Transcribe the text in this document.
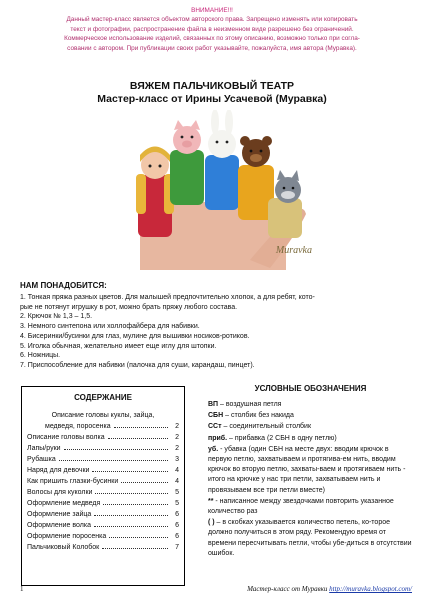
ВНИМАНИЕ!!!
Данный мастер-класс является объектом авторского права. Запрещено изменять или копировать
текст и фотографии, распространение файла в неизменном виде разрешено без ограничений.
Коммерческое использование изделий, связанных по этому описанию, возможно только при согла-
совании с автором. При публикации своих работ указывайте, пожалуйста, имя автора (Муравка).
ВЯЖЕМ ПАЛЬЧИКОВЫЙ ТЕАТР
Мастер-класс от Ирины Усачевой (Муравка)
Muravka
НАМ ПОНАДОБИТСЯ:
1. Тонкая пряжа разных цветов. Для малышей предпочтительно хлопок, а для ребят, кото-
рые не потянут игрушку в рот, можно брать пряжу любого состава.
2. Крючок № 1,3 – 1,5.
3. Немного синтепона или холлофайбера для набивки.
4. Бисеринки/бусинки для глаз, мулине для вышивки носиков-ротиков.
5. Иголка обычная, желательно имеет еще иглу для штопки.
6. Ножницы.
7. Приспособление для набивки (палочка для суши, карандаш, пинцет).
СОДЕРЖАНИЕ
Описание головы куклы, зайца,
медведя, поросенка	2
Описание головы волка	2
Лапы/руки	2
Рубашка	3
Наряд для девочки	4
Как пришить глазки-бусинки	4
Волосы для куколки	5
Оформление медведя	5
Оформление зайца	6
Оформление волка	6
Оформление поросенка	6
Пальчиковый Колобок	7
УСЛОВНЫЕ ОБОЗНАЧЕНИЯ

ВП – воздушная петля

СБН – столбик без накида

ССт – соединительный столбик

приб. – прибавка (2 СБН в одну петлю)

уб. - убавка (один СБН на месте двух: вводим крючок в первую петлю, захватываем и протягива-ем нить, вводим крючок во вторую петлю, захваты-ваем и протягиваем нить - итого на крючке у нас три петли, захватываем нить и провязываем все три петли вместе)

** - написанное между звездочками повторить указанное количество раз

( ) – в скобках указывается количество петель, ко-торое должно получиться в этом ряду. Рекомендую время от времени пересчитывать петли, чтобы убе-диться в отсутствии ошибок.

1	Мастер-класс от Муравки http://muravka.blogspot.com/
